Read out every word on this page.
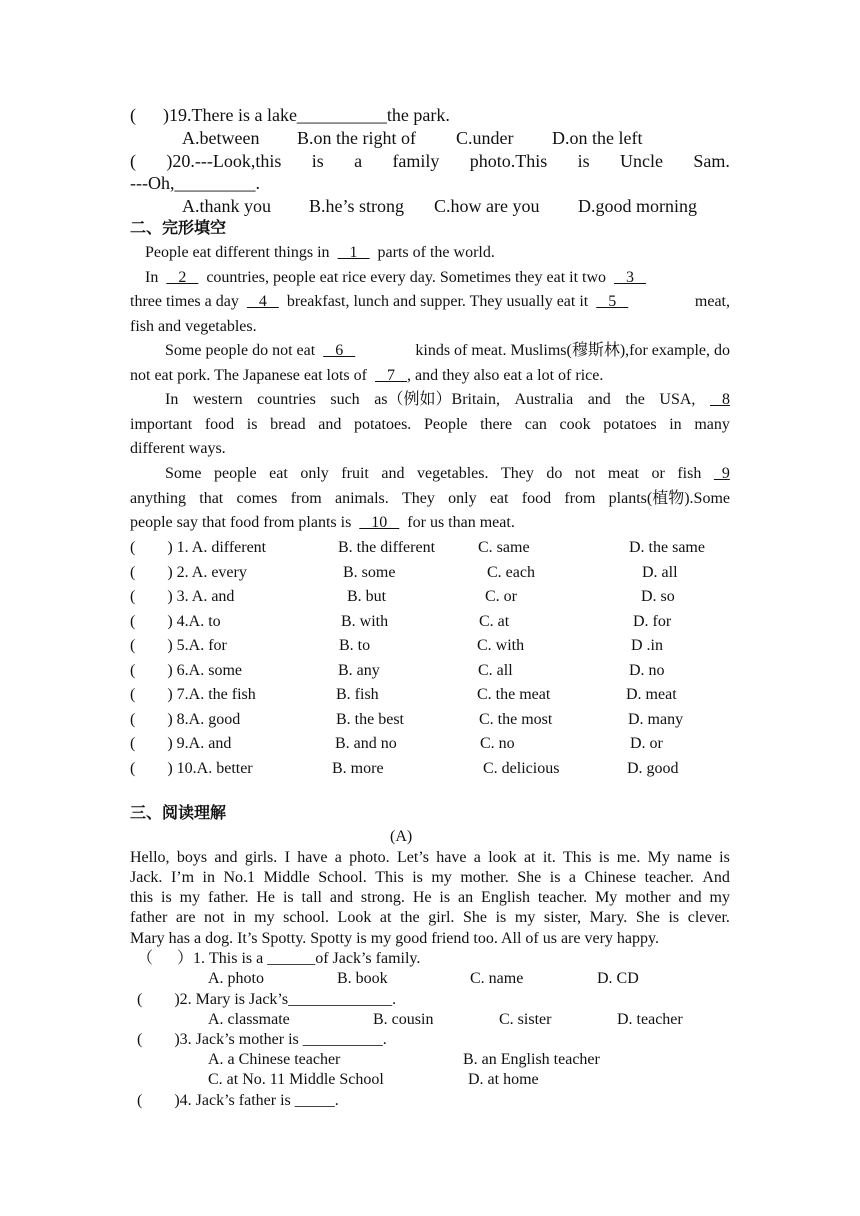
(      )19.There is a lake__________the park.
A.between B.on the right of C.under D.on the left
( )20.---Look,this is a family photo.This is Uncle Sam.
---Oh,_________.
A.thank you B.he’s strong C.how are you D.good morning
二、完形填空
People eat different things in     1     parts of the world.
In     2     countries, people eat rice every day. Sometimes they eat it two     3
three times a day     4     breakfast, lunch and supper. They usually eat it     5	meat,
fish and vegetables.
Some people do not eat     6	kinds of meat. Muslims(穆斯林),for example, do
not eat pork. The Japanese eat lots of     7   , and they also eat a lot of rice.
In western countries such as（例如）Britain, Australia and the USA, 8
important food is bread and potatoes. People there can cook potatoes in many
different ways.
Some people eat only fruit and vegetables. They do not meat or fish 9
anything that comes from animals. They only eat food from plants(植物).Some
people say that food from plants is     10     for us than meat.
(        ) 1. A. different	B. the different	C. same	D. the same
(        ) 2. A. every	B. some	C. each	D. all
(        ) 3. A. and	B. but	C. or	D. so
(        ) 4.A. to	B. with	C. at	D. for
(        ) 5.A. for	B. to	C. with	D .in
(        ) 6.A. some	B. any	C. all	D. no
(        ) 7.A. the fish	B. fish	C. the meat	D. meat
(        ) 8.A. good	B. the best	C. the most	D. many
(        ) 9.A. and	B. and no	C. no	D. or
(        ) 10.A. better	B. more	C. delicious	D. good
三、阅读理解
(A)
Hello, boys and girls. I have a photo. Let’s have a look at it. This is me. My name is
Jack. I’m in No.1 Middle School. This is my mother. She is a Chinese teacher. And
this is my father. He is tall and strong. He is an English teacher. My mother and my
father are not in my school. Look at the girl. She is my sister, Mary. She is clever.
Mary has a dog. It’s Spotty. Spotty is my good friend too. All of us are very happy.
（      ）1. This is a ______of Jack’s family.
A. photo	B. book	C. name	D. CD
(        )2. Mary is Jack’s_____________.
A. classmate	B. cousin	C. sister	D. teacher
(        )3. Jack’s mother is __________.
A. a Chinese teacher	B. an English teacher
C. at No. 11 Middle School	D. at home
(        )4. Jack’s father is _____.
